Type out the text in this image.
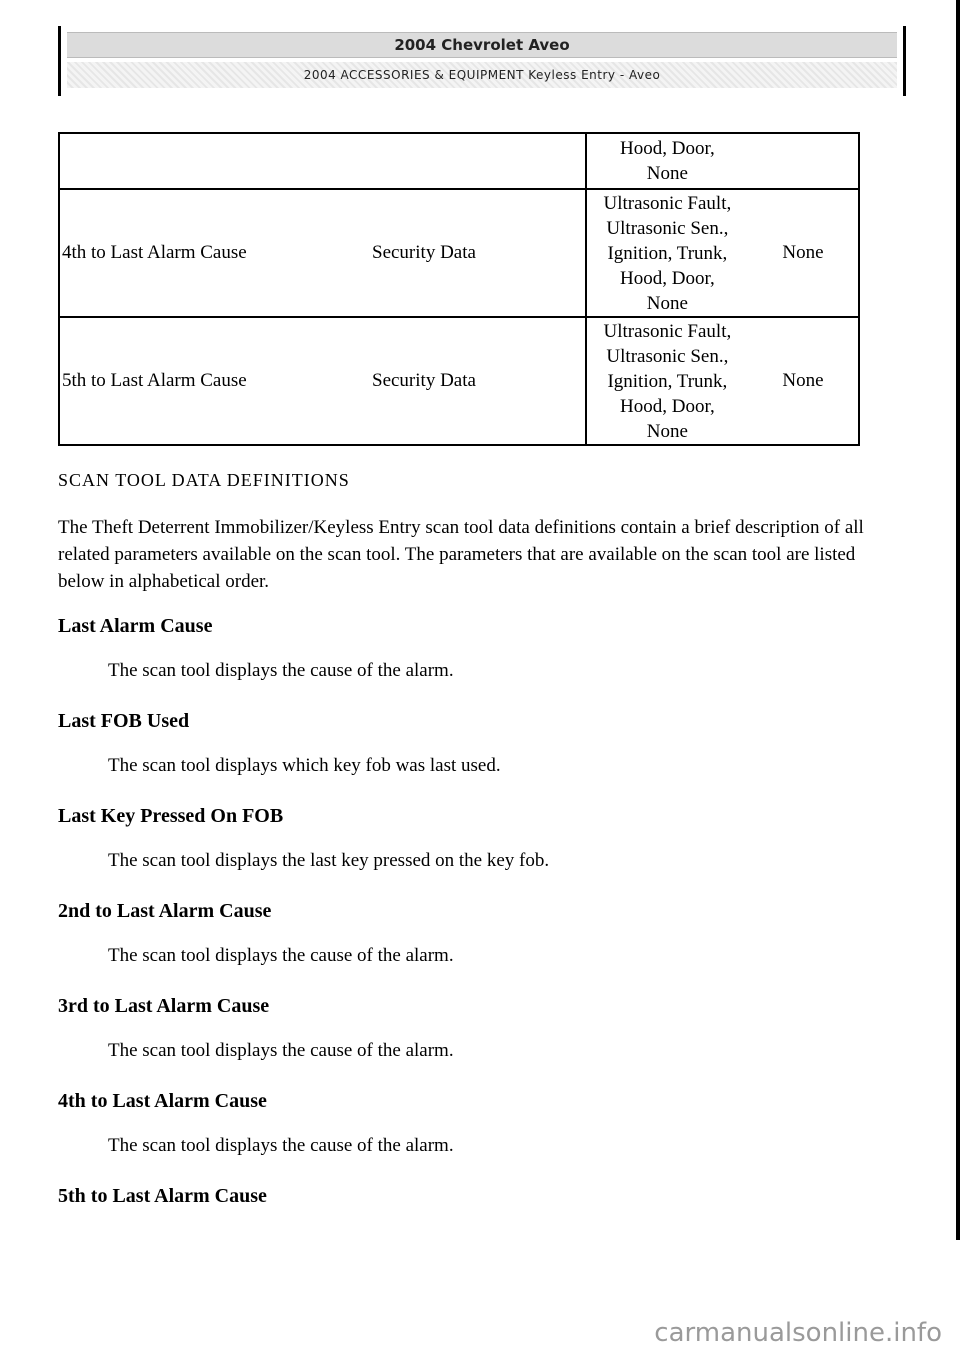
2004 Chevrolet Aveo
2004 ACCESSORIES & EQUIPMENT Keyless Entry - Aveo

	Hood, Door,
None	

4th to Last Alarm Cause Security Data	Ultrasonic Fault,
Ultrasonic Sen.,
Ignition, Trunk,
Hood, Door,
None	None
5th to Last Alarm Cause Security Data	Ultrasonic Fault,
Ultrasonic Sen.,
Ignition, Trunk,
Hood, Door,
None	None
SCAN TOOL DATA DEFINITIONS
The Theft Deterrent Immobilizer/Keyless Entry scan tool data definitions contain a brief description of all related parameters available on the scan tool. The parameters that are available on the scan tool are listed below in alphabetical order.
Last Alarm Cause
The scan tool displays the cause of the alarm.
Last FOB Used
The scan tool displays which key fob was last used.
Last Key Pressed On FOB
The scan tool displays the last key pressed on the key fob.
2nd to Last Alarm Cause
The scan tool displays the cause of the alarm.
3rd to Last Alarm Cause
The scan tool displays the cause of the alarm.
4th to Last Alarm Cause
The scan tool displays the cause of the alarm.
5th to Last Alarm Cause
carmanualsonline.info
